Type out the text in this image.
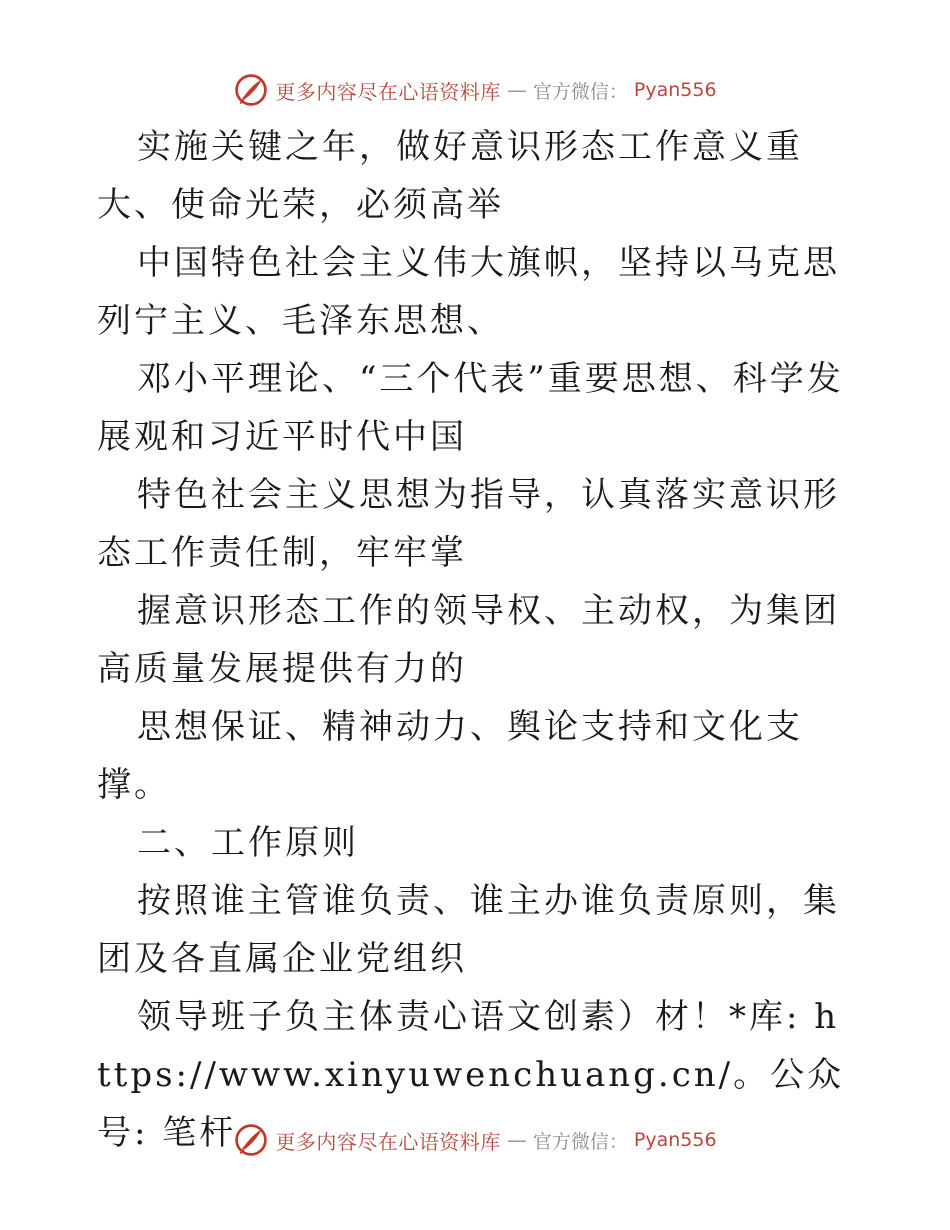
更多内容尽在心语资料库 — 官方微信： Pyan556

实施关键之年，做好意识形态工作意义重大、使命光荣，必须高举

中国特色社会主义伟大旗帜，坚持以马克思列宁主义、毛泽东思想、

邓小平理论、“三个代表”重要思想、科学发展观和习近平时代中国

特色社会主义思想为指导，认真落实意识形态工作责任制，牢牢掌

握意识形态工作的领导权、主动权，为集团高质量发展提供有力的

思想保证、精神动力、舆论支持和文化支撑。

二、工作原则

按照谁主管谁负责、谁主办谁负责原则，集团及各直属企业党组织

领导班子负主体责心语文创素）材！*库: https://www.xinyuwenchuang.cn/。公众号: 笔杆	更多内容尽在心语资料库 — 官方微信： Pyan556
